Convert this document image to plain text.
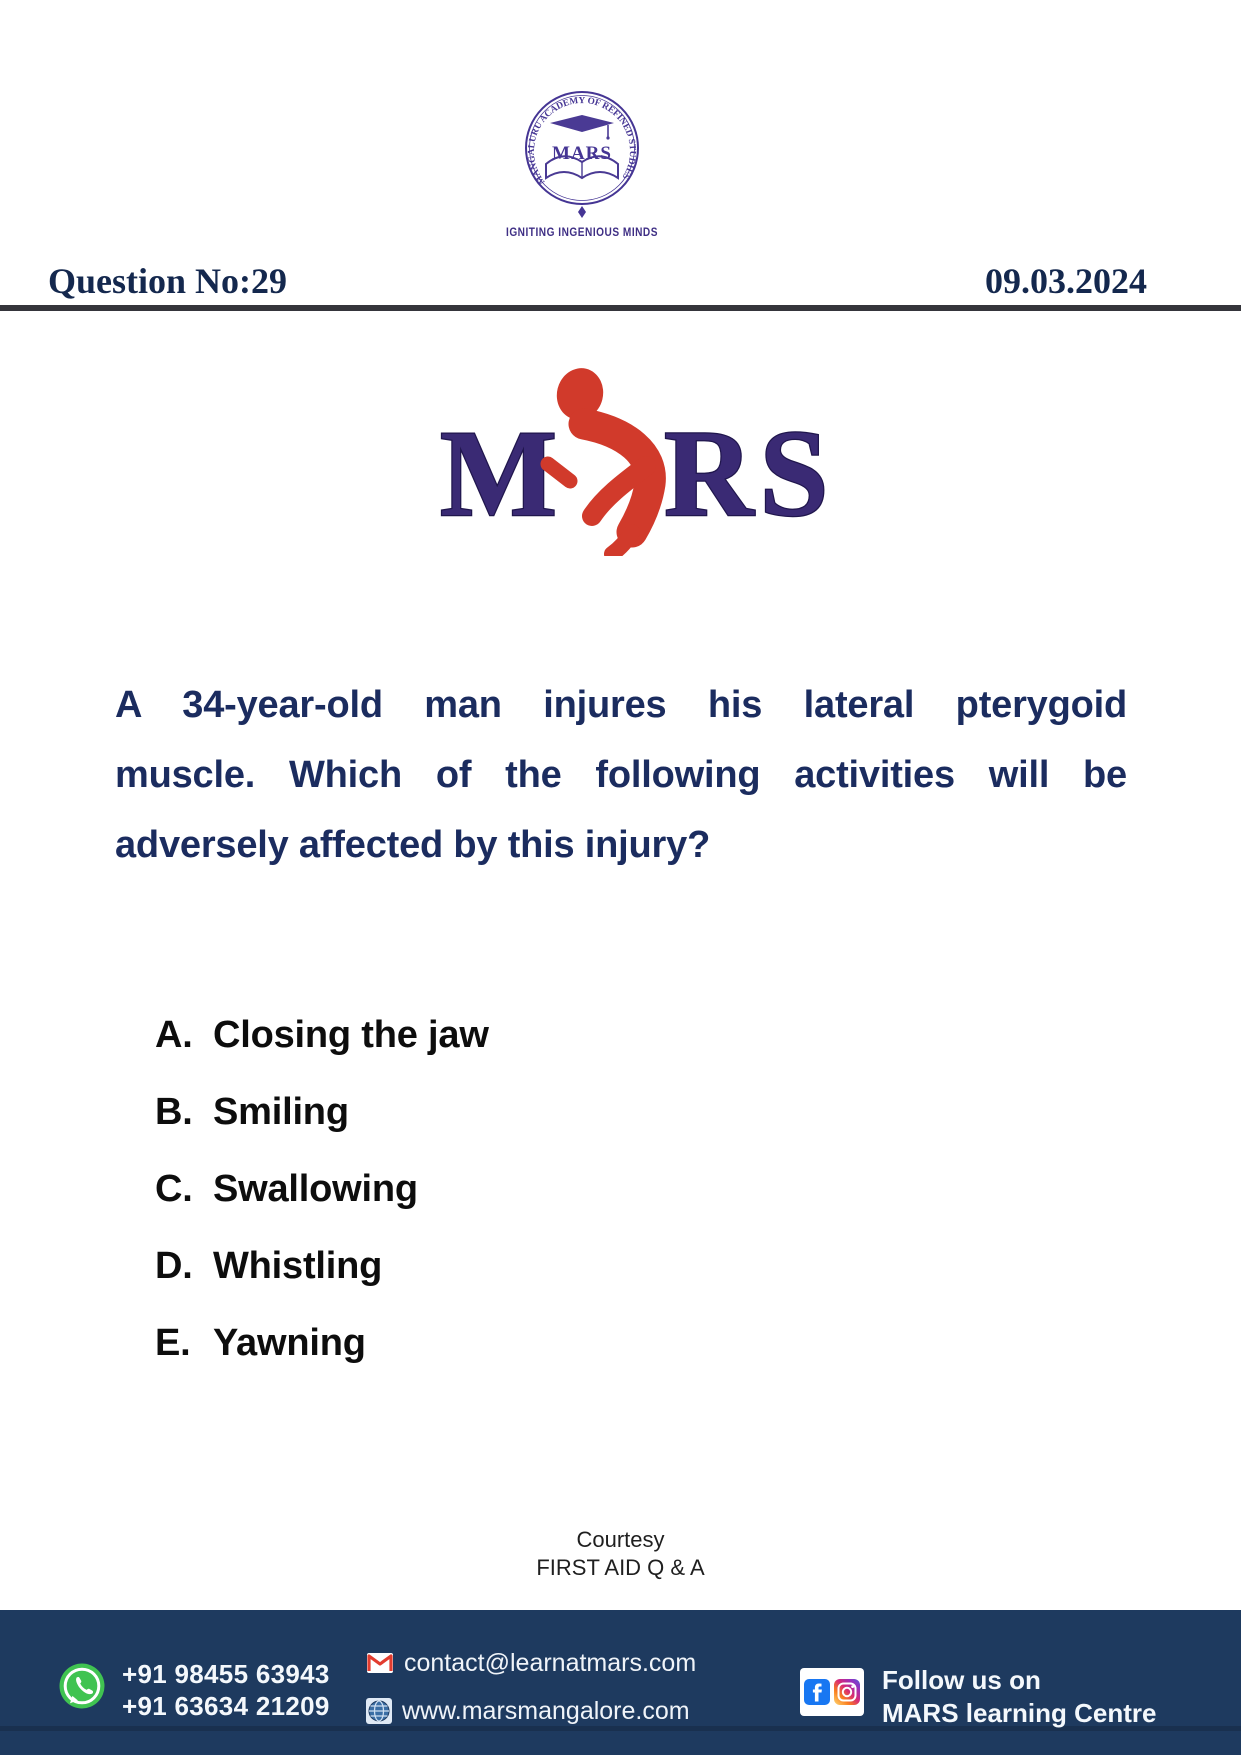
MANGALURU ACADEMY OF REFINED STUDIES
MARS
IGNITING INGENIOUS MINDS
Question No:29	09.03.2024
M RS
A 34-year-old man injures his lateral pterygoid
muscle. Which of the following activities will be
adversely affected by this injury?
A. Closing the jaw
B. Smiling
C. Swallowing
D. Whistling
E. Yawning
Courtesy
FIRST AID Q & A
+91 98455 63943
+91 63634 21209
contact@learnatmars.com
www.marsmangalore.com
Follow us on
MARS learning Centre
